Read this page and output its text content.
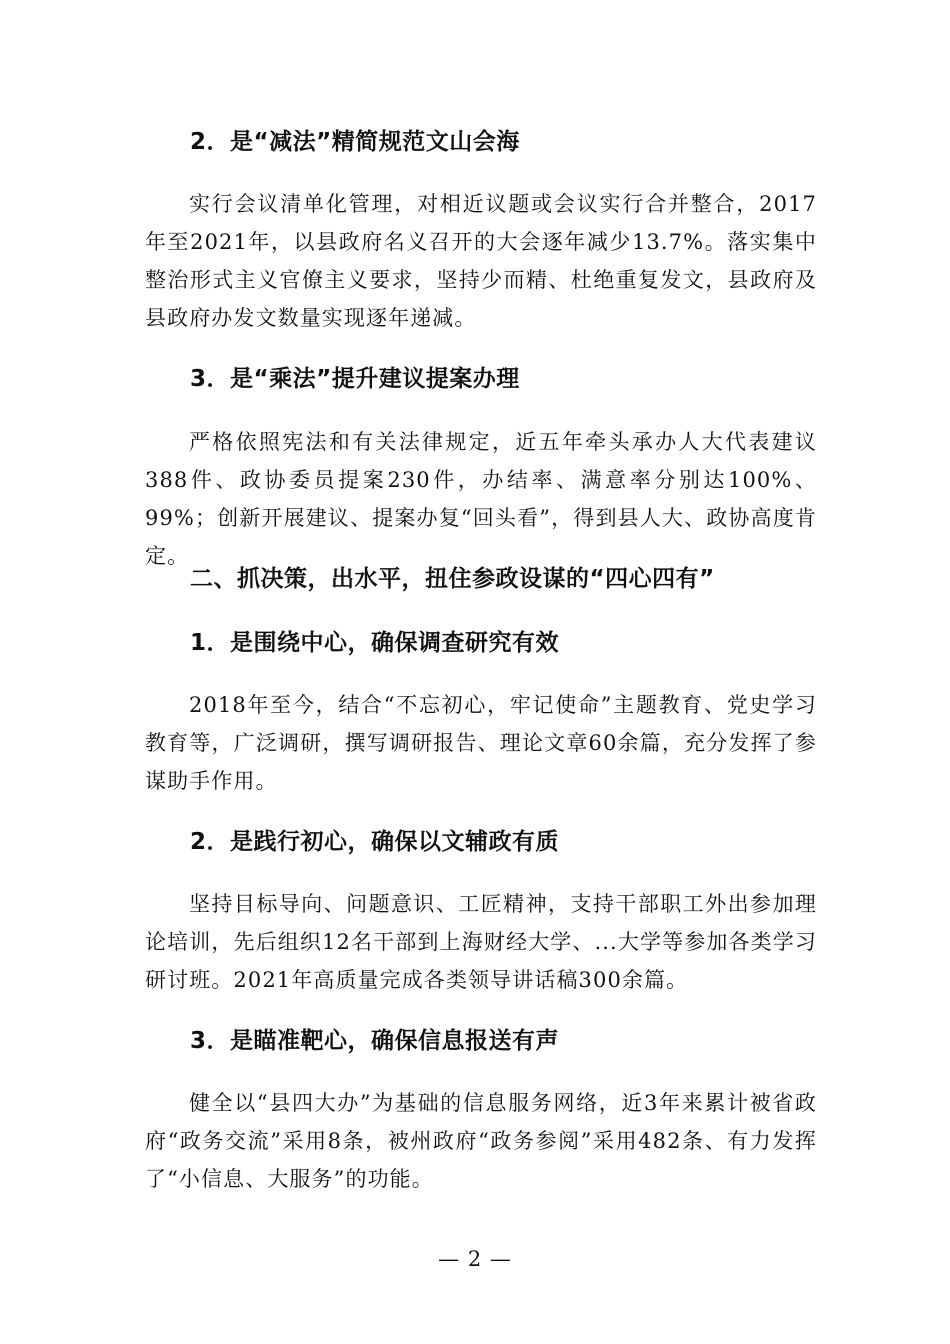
2．是“减法”精简规范文山会海

实行会议清单化管理，对相近议题或会议实行合并整合，2017年至2021年，以县政府名义召开的大会逐年减少13.7%。落实集中整治形式主义官僚主义要求，坚持少而精、杜绝重复发文，县政府及县政府办发文数量实现逐年递减。

3．是“乘法”提升建议提案办理

严格依照宪法和有关法律规定，近五年牵头承办人大代表建议388件、政协委员提案230件，办结率、满意率分别达100%、99%；创新开展建议、提案办复“回头看”，得到县人大、政协高度肯定。

二、抓决策，出水平，扭住参政设谋的“四心四有”
1．是围绕中心，确保调查研究有效

2018年至今，结合“不忘初心，牢记使命”主题教育、党史学习教育等，广泛调研，撰写调研报告、理论文章60余篇，充分发挥了参谋助手作用。

2．是践行初心，确保以文辅政有质

坚持目标导向、问题意识、工匠精神，支持干部职工外出参加理论培训，先后组织12名干部到上海财经大学、...大学等参加各类学习研讨班。2021年高质量完成各类领导讲话稿300余篇。

3．是瞄准靶心，确保信息报送有声

健全以“县四大办”为基础的信息服务网络，近3年来累计被省政府“政务交流”采用8条，被州政府“政务参阅”采用482条、有力发挥了“小信息、大服务”的功能。

— 2 —
